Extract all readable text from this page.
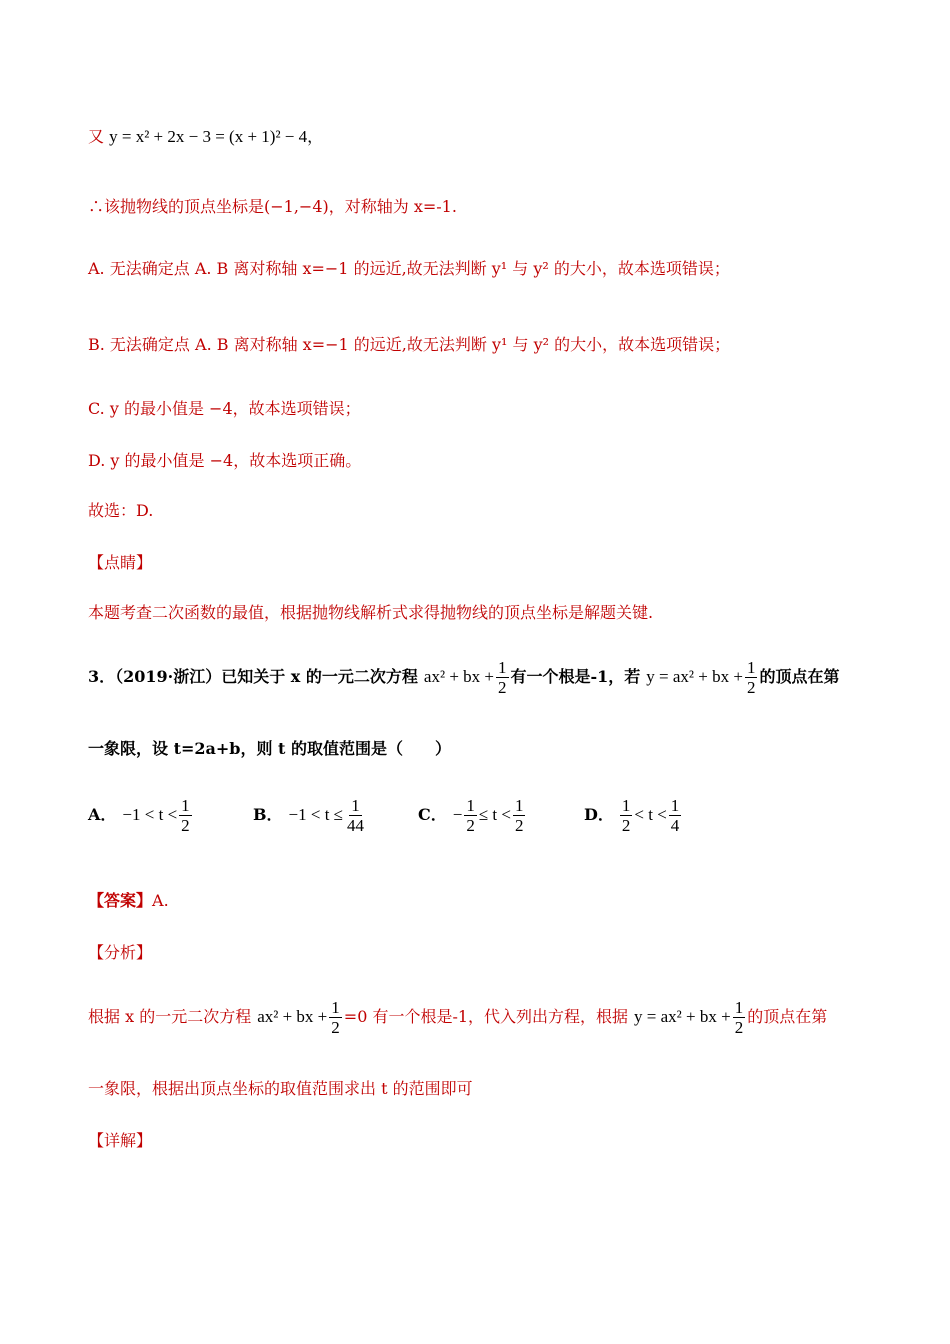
又 y = x² + 2x − 3 = (x + 1)² − 4，
∴该抛物线的顶点坐标是(−1,−4)，对称轴为 x=-1.
A. 无法确定点 A. B 离对称轴 x=−1 的远近,故无法判断 y¹ 与 y² 的大小，故本选项错误；
B. 无法确定点 A. B 离对称轴 x=−1 的远近,故无法判断 y¹ 与 y² 的大小，故本选项错误；
C. y 的最小值是 −4，故本选项错误；
D. y 的最小值是 −4，故本选项正确。
故选：D.
【点睛】
本题考查二次函数的最值，根据抛物线解析式求得抛物线的顶点坐标是解题关键.
3．（2019·浙江）已知关于 x 的一元二次方程 ax² + bx + $\frac{1}{2}$ 有一个根是-1，若 y = ax² + bx + $\frac{1}{2}$ 的顶点在第
一象限，设 t=2a+b，则 t 的取值范围是（　　）
A． $-1 < t < \frac{1}{2}$	B． $-1 < t \le \frac{1}{44}$	C． − $\frac{1}{2} \le t < \frac{1}{2}$	D． $\frac{1}{2} < t < \frac{1}{4}$
【答案】A.
【分析】
根据 x 的一元二次方程 ax² + bx + $\frac{1}{2} =0$ 有一个根是-1，代入列出方程，根据 y = ax² + bx + $\frac{1}{2}$ 的顶点在第
一象限，根据出顶点坐标的取值范围求出 t 的范围即可
【详解】
